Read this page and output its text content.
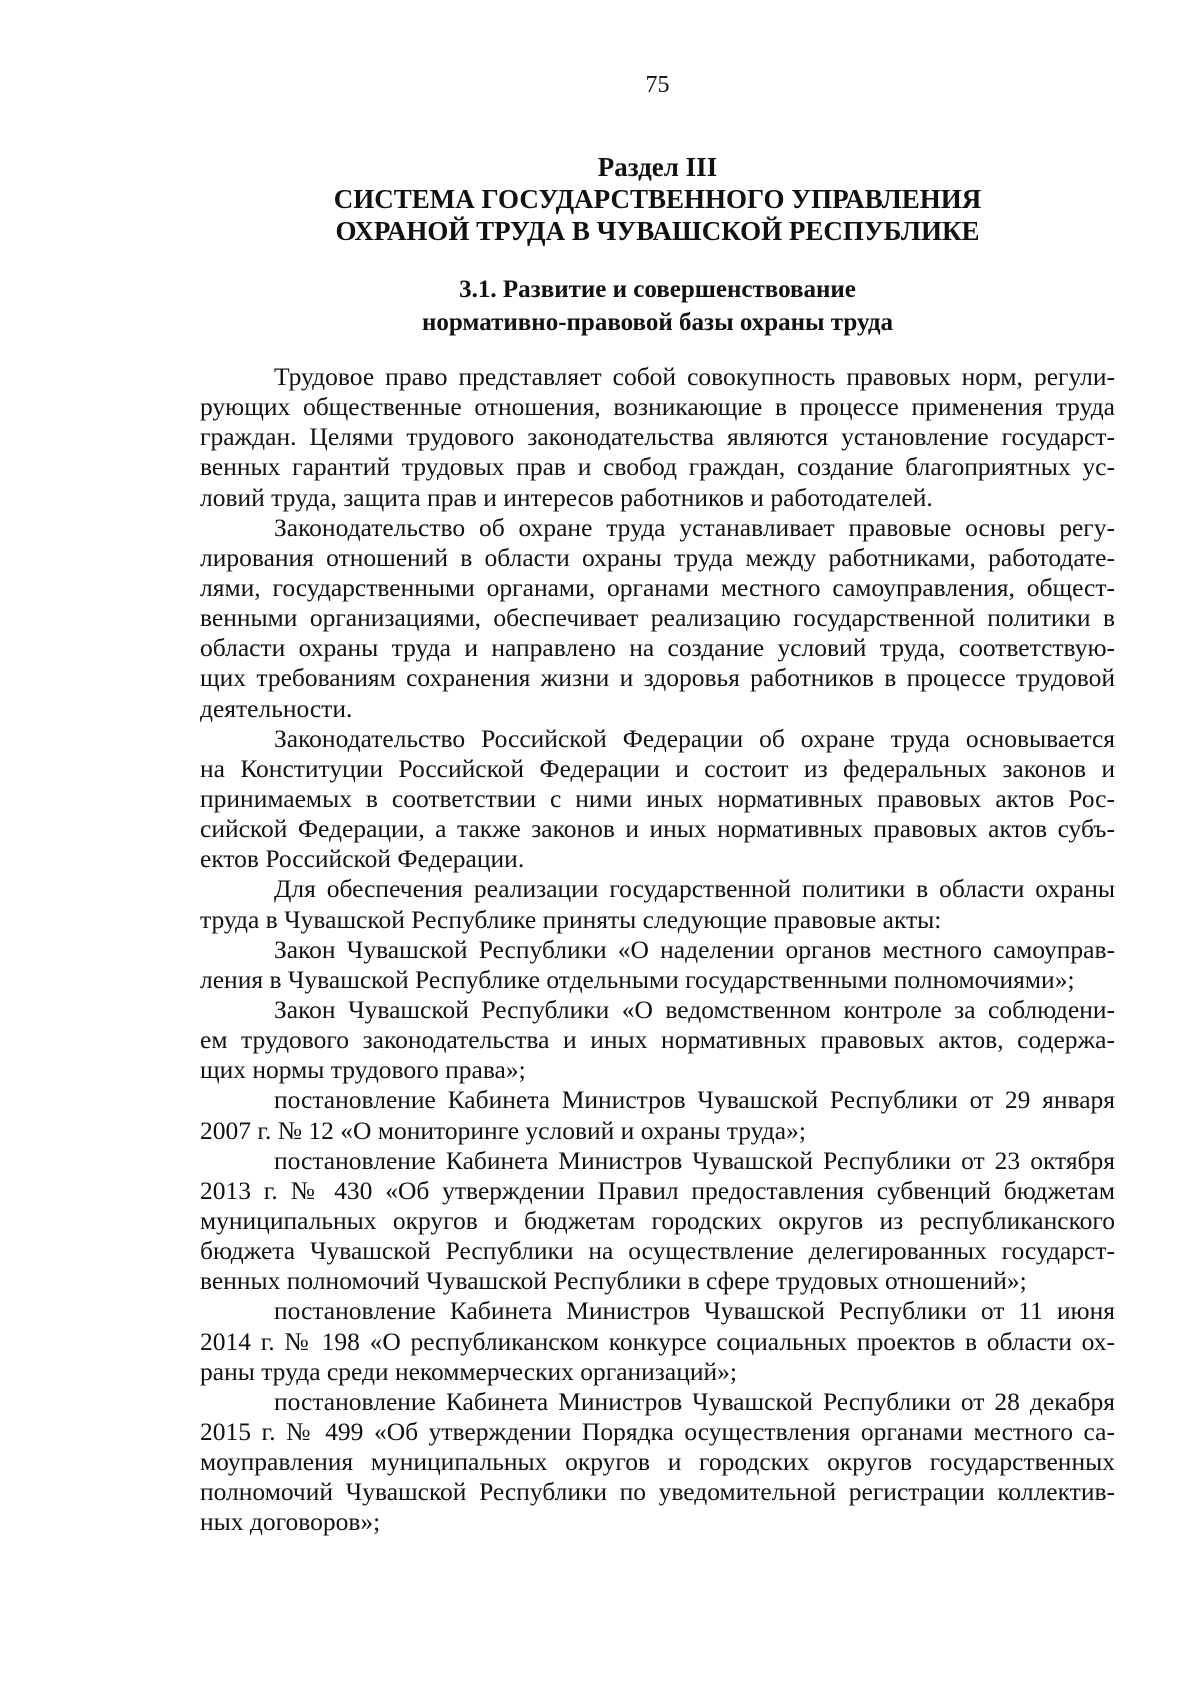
75
Раздел III
СИСТЕМА ГОСУДАРСТВЕННОГО УПРАВЛЕНИЯ
ОХРАНОЙ ТРУДА В ЧУВАШСКОЙ РЕСПУБЛИКЕ
3.1. Развитие и совершенствование
нормативно-правовой базы охраны труда
Трудовое право представляет собой совокупность правовых норм, регули-
рующих общественные отношения, возникающие в процессе применения труда
граждан. Целями трудового законодательства являются установление государст-
венных гарантий трудовых прав и свобод граждан, создание благоприятных ус-
ловий труда, защита прав и интересов работников и работодателей.
Законодательство об охране труда устанавливает правовые основы регу-
лирования отношений в области охраны труда между работниками, работодате-
лями, государственными органами, органами местного самоуправления, общест-
венными организациями, обеспечивает реализацию государственной политики в
области охраны труда и направлено на создание условий труда, соответствую-
щих требованиям сохранения жизни и здоровья работников в процессе трудовой
деятельности.
Законодательство Российской Федерации об охране труда основывается
на Конституции Российской Федерации и состоит из федеральных законов и
принимаемых в соответствии с ними иных нормативных правовых актов Рос-
сийской Федерации, а также законов и иных нормативных правовых актов субъ-
ектов Российской Федерации.
Для обеспечения реализации государственной политики в области охраны
труда в Чувашской Республике приняты следующие правовые акты:
Закон Чувашской Республики «О наделении органов местного самоуправ-
ления в Чувашской Республике отдельными государственными полномочиями»;
Закон Чувашской Республики «О ведомственном контроле за соблюдени-
ем трудового законодательства и иных нормативных правовых актов, содержа-
щих нормы трудового права»;
постановление Кабинета Министров Чувашской Республики от 29 января
2007 г. № 12 «О мониторинге условий и охраны труда»;
постановление Кабинета Министров Чувашской Республики от 23 октября
2013 г. № 430 «Об утверждении Правил предоставления субвенций бюджетам
муниципальных округов и бюджетам городских округов из республиканского
бюджета Чувашской Республики на осуществление делегированных государст-
венных полномочий Чувашской Республики в сфере трудовых отношений»;
постановление Кабинета Министров Чувашской Республики от 11 июня
2014 г. № 198 «О республиканском конкурсе социальных проектов в области ох-
раны труда среди некоммерческих организаций»;
постановление Кабинета Министров Чувашской Республики от 28 декабря
2015 г. № 499 «Об утверждении Порядка осуществления органами местного са-
моуправления муниципальных округов и городских округов государственных
полномочий Чувашской Республики по уведомительной регистрации коллектив-
ных договоров»;
